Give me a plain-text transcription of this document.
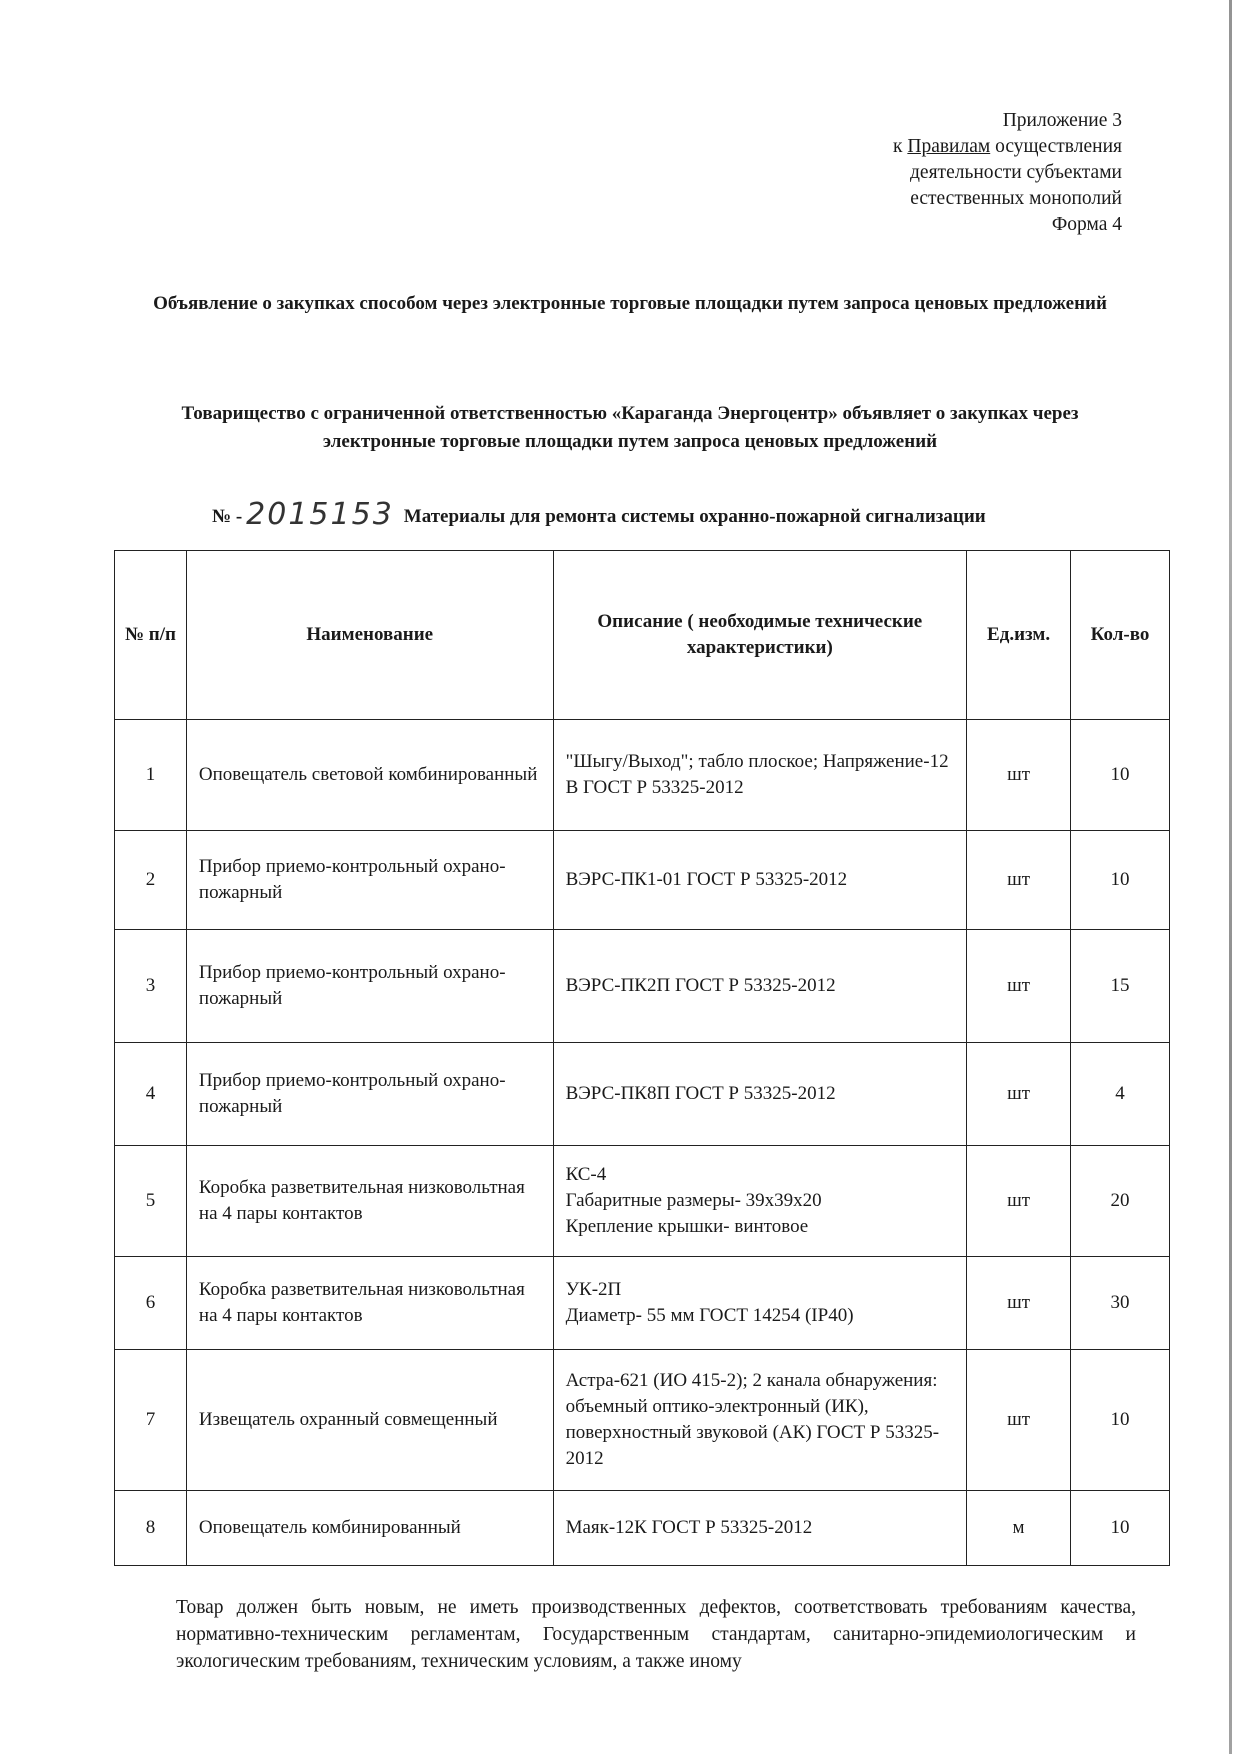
Приложение 3
к Правилам осуществления
деятельности субъектами
естественных монополий
Форма 4
Объявление о закупках способом через электронные торговые площадки путем запроса ценовых предложений
Товарищество с ограниченной ответственностью «Караганда Энергоцентр» объявляет о закупках через электронные торговые площадки путем запроса ценовых предложений
№ - 2015153 Материалы для ремонта системы охранно-пожарной сигнализации
№ п/п	Наименование	Описание ( необходимые технические характеристики)	Ед.изм.	Кол-во
1	Оповещатель световой комбинированный	"Шыгу/Выход"; табло плоское; Напряжение-12 В ГОСТ Р 53325-2012	шт	10
2	Прибор приемо-контрольный охрано-пожарный	ВЭРС-ПК1-01 ГОСТ Р 53325-2012	шт	10
3	Прибор приемо-контрольный охрано-пожарный	ВЭРС-ПК2П ГОСТ Р 53325-2012	шт	15
4	Прибор приемо-контрольный охрано-пожарный	ВЭРС-ПК8П ГОСТ Р 53325-2012	шт	4
5	Коробка разветвительная низковольтная на 4 пары контактов	КС-4
Габаритные размеры- 39х39х20
Крепление крышки- винтовое	шт	20
6	Коробка разветвительная низковольтная на 4 пары контактов	УК-2П
Диаметр- 55 мм ГОСТ 14254 (IP40)	шт	30
7	Извещатель охранный совмещенный	Астра-621 (ИО 415-2); 2 канала обнаружения: объемный оптико-электронный (ИК), поверхностный звуковой (АК) ГОСТ Р 53325-2012	шт	10
8	Оповещатель комбинированный	Маяк-12К ГОСТ Р 53325-2012	м	10
Товар должен быть новым, не иметь производственных дефектов, соответствовать требованиям качества, нормативно-техническим регламентам, Государственным стандартам, санитарно-эпидемиологическим и экологическим требованиям, техническим условиям, а также иному
